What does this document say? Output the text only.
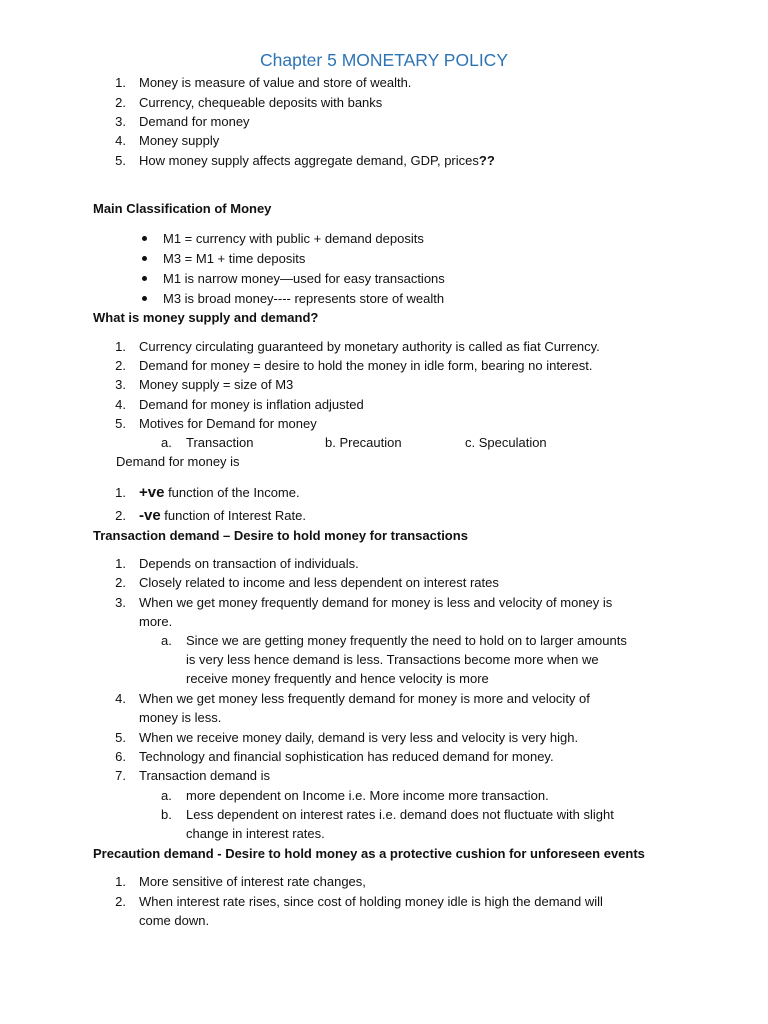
Chapter 5 MONETARY POLICY
1. Money is measure of value and store of wealth.
2. Currency, chequeable deposits with banks
3. Demand for money
4. Money supply
5. How money supply affects aggregate demand, GDP, prices??
Main Classification of Money
M1 = currency with public + demand deposits
M3 = M1 + time deposits
M1 is narrow money—used for easy transactions
M3 is broad money---- represents store of wealth
What is money supply and demand?
1. Currency circulating guaranteed by monetary authority is called as fiat Currency.
2. Demand for money = desire to hold the money in idle form, bearing no interest.
3. Money supply = size of M3
4. Demand for money is inflation adjusted
5. Motives for Demand for money
a. Transaction	b. Precaution	c. Speculation
Demand for money is
1. +ve function of the Income.
2. -ve function of Interest Rate.
Transaction demand – Desire to hold money for transactions
1. Depends on transaction of individuals.
2. Closely related to income and less dependent on interest rates
3. When we get money frequently demand for money is less and velocity of money is
more.
a. Since we are getting money frequently the need to hold on to larger amounts
is very less hence demand is less. Transactions become more when we
receive money frequently and hence velocity is more
4. When we get money less frequently demand for money is more and velocity of
money is less.
5. When we receive money daily, demand is very less and velocity is very high.
6. Technology and financial sophistication has reduced demand for money.
7. Transaction demand is
a. more dependent on Income i.e. More income more transaction.
b. Less dependent on interest rates i.e. demand does not fluctuate with slight
change in interest rates.
Precaution demand - Desire to hold money as a protective cushion for unforeseen events
1. More sensitive of interest rate changes,
2. When interest rate rises, since cost of holding money idle is high the demand will
come down.
